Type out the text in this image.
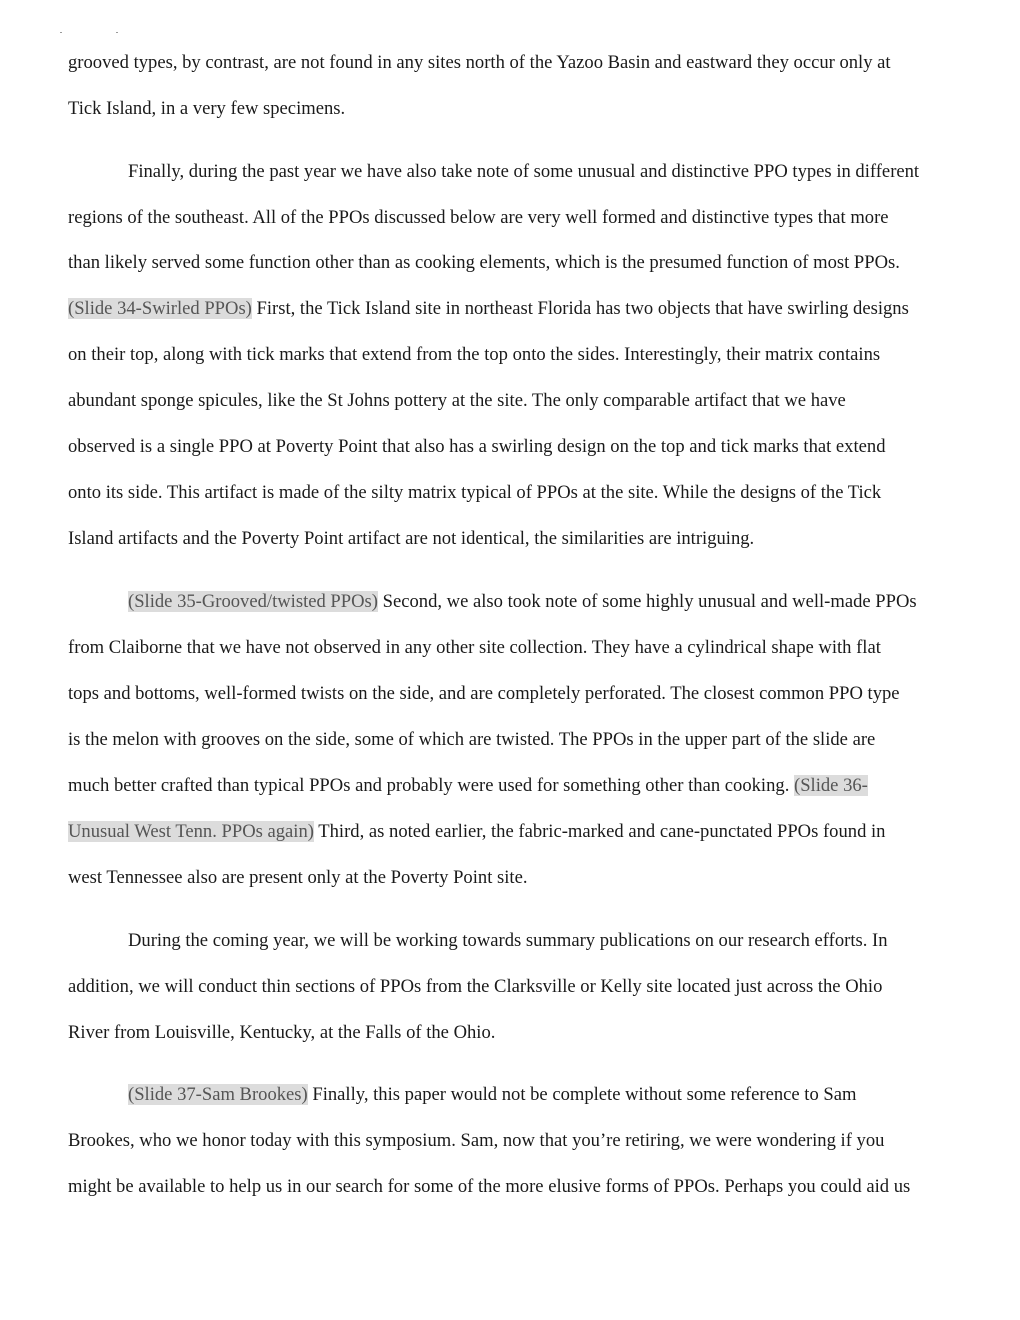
grooved types, by contrast, are not found in any sites north of the Yazoo Basin and eastward they occur only at
Tick Island, in a very few specimens.
Finally, during the past year we have also take note of some unusual and distinctive PPO types in different
regions of the southeast. All of the PPOs discussed below are very well formed and distinctive types that more
than likely served some function other than as cooking elements, which is the presumed function of most PPOs.
(Slide 34-Swirled PPOs) First, the Tick Island site in northeast Florida has two objects that have swirling designs
on their top, along with tick marks that extend from the top onto the sides. Interestingly, their matrix contains
abundant sponge spicules, like the St Johns pottery at the site. The only comparable artifact that we have
observed is a single PPO at Poverty Point that also has a swirling design on the top and tick marks that extend
onto its side. This artifact is made of the silty matrix typical of PPOs at the site. While the designs of the Tick
Island artifacts and the Poverty Point artifact are not identical, the similarities are intriguing.
(Slide 35-Grooved/twisted PPOs) Second, we also took note of some highly unusual and well-made PPOs
from Claiborne that we have not observed in any other site collection. They have a cylindrical shape with flat
tops and bottoms, well-formed twists on the side, and are completely perforated. The closest common PPO type
is the melon with grooves on the side, some of which are twisted. The PPOs in the upper part of the slide are
much better crafted than typical PPOs and probably were used for something other than cooking. (Slide 36-
Unusual West Tenn. PPOs again) Third, as noted earlier, the fabric-marked and cane-punctated PPOs found in
west Tennessee also are present only at the Poverty Point site.
During the coming year, we will be working towards summary publications on our research efforts. In
addition, we will conduct thin sections of PPOs from the Clarksville or Kelly site located just across the Ohio
River from Louisville, Kentucky, at the Falls of the Ohio.
(Slide 37-Sam Brookes) Finally, this paper would not be complete without some reference to Sam
Brookes, who we honor today with this symposium. Sam, now that you’re retiring, we were wondering if you
might be available to help us in our search for some of the more elusive forms of PPOs. Perhaps you could aid us
